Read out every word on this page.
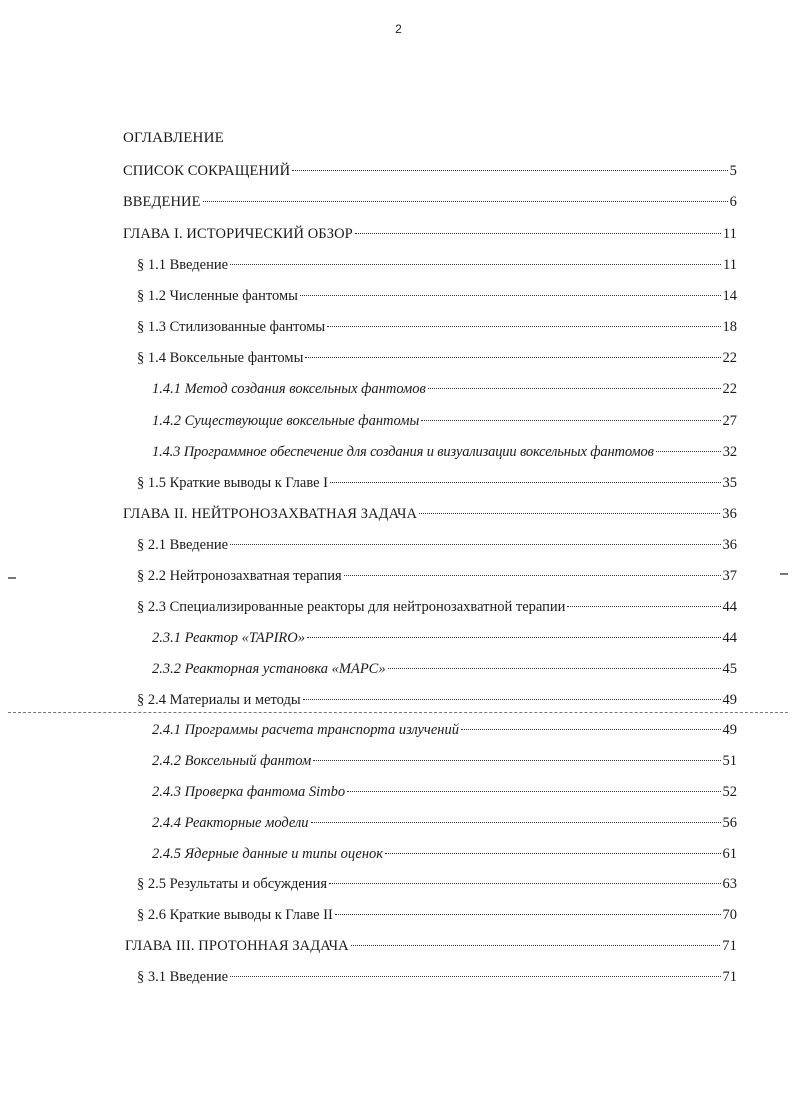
2
ОГЛАВЛЕНИЕ
СПИСОК СОКРАЩЕНИЙ	5
ВВЕДЕНИЕ	6
ГЛАВА I. ИСТОРИЧЕСКИЙ ОБЗОР	11
§ 1.1 Введение	11
§ 1.2 Численные фантомы	14
§ 1.3 Стилизованные фантомы	18
§ 1.4 Воксельные фантомы	22
1.4.1 Метод создания воксельных фантомов	22
1.4.2 Существующие воксельные фантомы	27
1.4.3 Программное обеспечение для создания и визуализации воксельных фантомов	32
§ 1.5 Краткие выводы к Главе I	35
ГЛАВА II. НЕЙТРОНОЗАХВАТНАЯ ЗАДАЧА	36
§ 2.1 Введение	36
§ 2.2 Нейтронозахватная терапия	37
§ 2.3 Специализированные реакторы для нейтронозахватной терапии	44
2.3.1 Реактор «TAPIRO»	44
2.3.2 Реакторная установка «МАРС»	45
§ 2.4 Материалы и методы	49
2.4.1 Программы расчета транспорта излучений	49
2.4.2 Воксельный фантом	51
2.4.3 Проверка фантома Simbo	52
2.4.4 Реакторные модели	56
2.4.5 Ядерные данные и типы оценок	61
§ 2.5 Результаты и обсуждения	63
§ 2.6 Краткие выводы к Главе II	70
ГЛАВА III. ПРОТОННАЯ ЗАДАЧА	71
§ 3.1 Введение	71
